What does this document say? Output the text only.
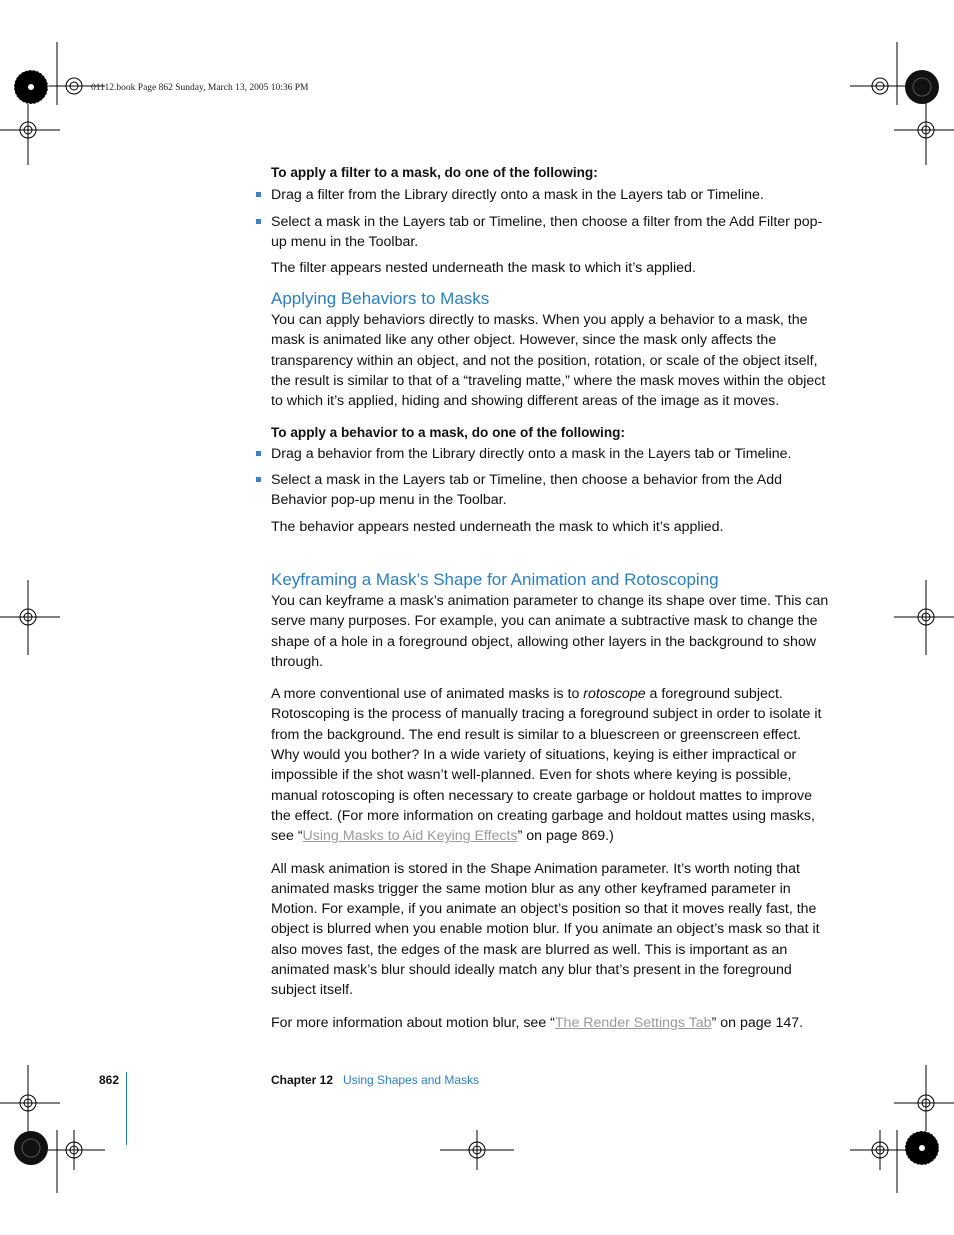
01112.book Page 862 Sunday, March 13, 2005 10:36 PM

To apply a filter to a mask, do one of the following:

Drag a filter from the Library directly onto a mask in the Layers tab or Timeline.
Select a mask in the Layers tab or Timeline, then choose a filter from the Add Filter pop-up menu in the Toolbar.

The filter appears nested underneath the mask to which it’s applied.

Applying Behaviors to Masks

You can apply behaviors directly to masks. When you apply a behavior to a mask, the mask is animated like any other object. However, since the mask only affects the transparency within an object, and not the position, rotation, or scale of the object itself, the result is similar to that of a “traveling matte,” where the mask moves within the object to which it’s applied, hiding and showing different areas of the image as it moves.

To apply a behavior to a mask, do one of the following:

Drag a behavior from the Library directly onto a mask in the Layers tab or Timeline.
Select a mask in the Layers tab or Timeline, then choose a behavior from the Add Behavior pop-up menu in the Toolbar.

The behavior appears nested underneath the mask to which it’s applied.

Keyframing a Mask’s Shape for Animation and Rotoscoping

You can keyframe a mask’s animation parameter to change its shape over time. This can serve many purposes. For example, you can animate a subtractive mask to change the shape of a hole in a foreground object, allowing other layers in the background to show through.

A more conventional use of animated masks is to rotoscope a foreground subject. Rotoscoping is the process of manually tracing a foreground subject in order to isolate it from the background. The end result is similar to a bluescreen or greenscreen effect. Why would you bother? In a wide variety of situations, keying is either impractical or impossible if the shot wasn’t well-planned. Even for shots where keying is possible, manual rotoscoping is often necessary to create garbage or holdout mattes to improve the effect. (For more information on creating garbage and holdout mattes using masks, see “Using Masks to Aid Keying Effects” on page 869.)

All mask animation is stored in the Shape Animation parameter. It’s worth noting that animated masks trigger the same motion blur as any other keyframed parameter in Motion. For example, if you animate an object’s position so that it moves really fast, the object is blurred when you enable motion blur. If you animate an object’s mask so that it also moves fast, the edges of the mask are blurred as well. This is important as an animated mask’s blur should ideally match any blur that’s present in the foreground subject itself.

For more information about motion blur, see “The Render Settings Tab” on page 147.

862	Chapter 12 Using Shapes and Masks
